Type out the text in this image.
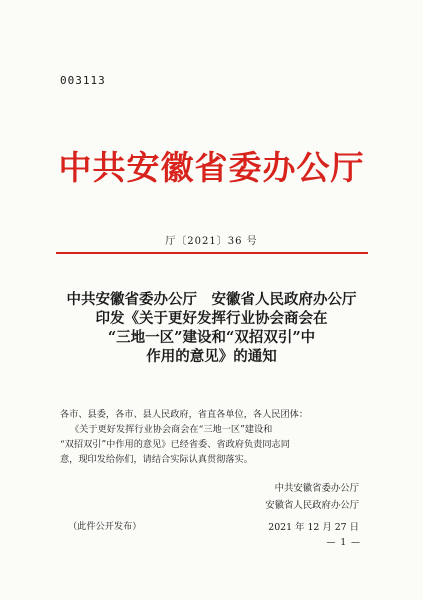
003113
中共安徽省委办公厅
厅〔2021〕36 号
中共安徽省委办公厅　安徽省人民政府办公厅
印发《关于更好发挥行业协会商会在
“三地一区”建设和“双招双引”中
作用的意见》的通知
各市、县委，各市、县人民政府，省直各单位，各人民团体：
《关于更好发挥行业协会商会在“三地一区”建设和
“双招双引”中作用的意见》已经省委、省政府负责同志同
意，现印发给你们，请结合实际认真贯彻落实。
中共安徽省委办公厅
安徽省人民政府办公厅
2021 年 12 月 27 日
（此件公开发布）
— 1 —
